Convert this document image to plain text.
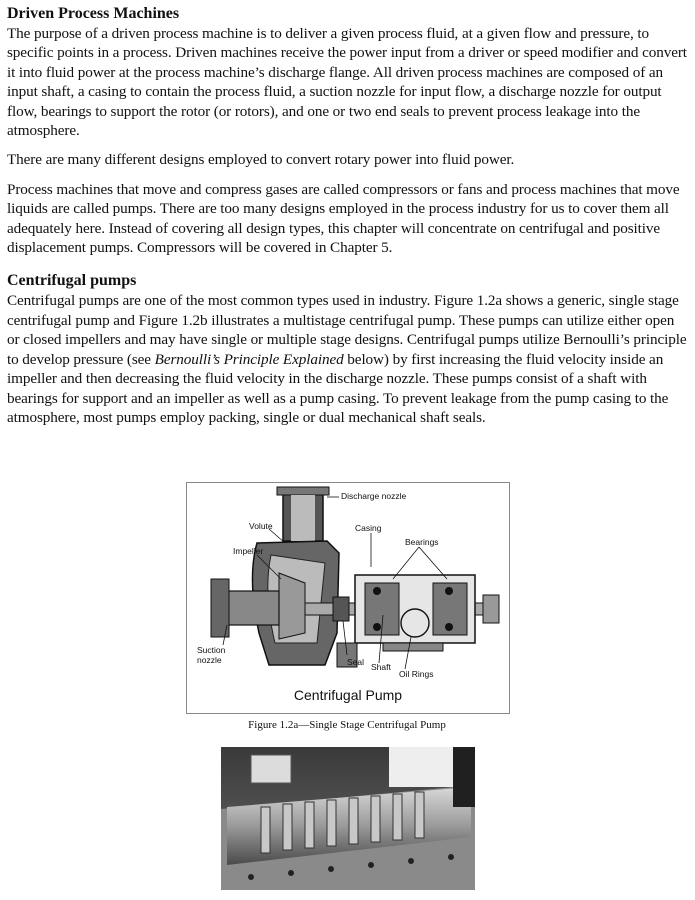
Driven Process Machines

The purpose of a driven process machine is to deliver a given process fluid, at a given flow and pressure, to specific points in a process. Driven machines receive the power input from a driver or speed modifier and convert it into fluid power at the process machine’s discharge flange. All driven process machines are composed of an input shaft, a casing to contain the process fluid, a suction nozzle for input flow, a discharge nozzle for output flow, bearings to support the rotor (or rotors), and one or two end seals to prevent process leakage into the atmosphere.

There are many different designs employed to convert rotary power into fluid power.

Process machines that move and compress gases are called compressors or fans and process machines that move liquids are called pumps. There are too many designs employed in the process industry for us to cover them all adequately here. Instead of covering all design types, this chapter will concentrate on centrifugal and positive displacement pumps. Compressors will be covered in Chapter 5.

Centrifugal pumps

Centrifugal pumps are one of the most common types used in industry. Figure 1.2a shows a generic, single stage centrifugal pump and Figure 1.2b illustrates a multistage centrifugal pump. These pumps can utilize either open or closed impellers and may have single or multiple stage designs. Centrifugal pumps utilize Bernoulli’s principle to develop pressure (see Bernoulli’s Principle Explained below) by first increasing the fluid velocity inside an impeller and then decreasing the fluid velocity in the discharge nozzle. These pumps consist of a shaft with bearings for support and an impeller as well as a pump casing. To prevent leakage from the pump casing to the atmosphere, most pumps employ packing, single or dual mechanical shaft seals.

Discharge nozzle
Volute	Casing
Bearings
Impeller
Suction
nozzle	Seal Shaft
Oil Rings
Centrifugal Pump
Figure 1.2a—Single Stage Centrifugal Pump
